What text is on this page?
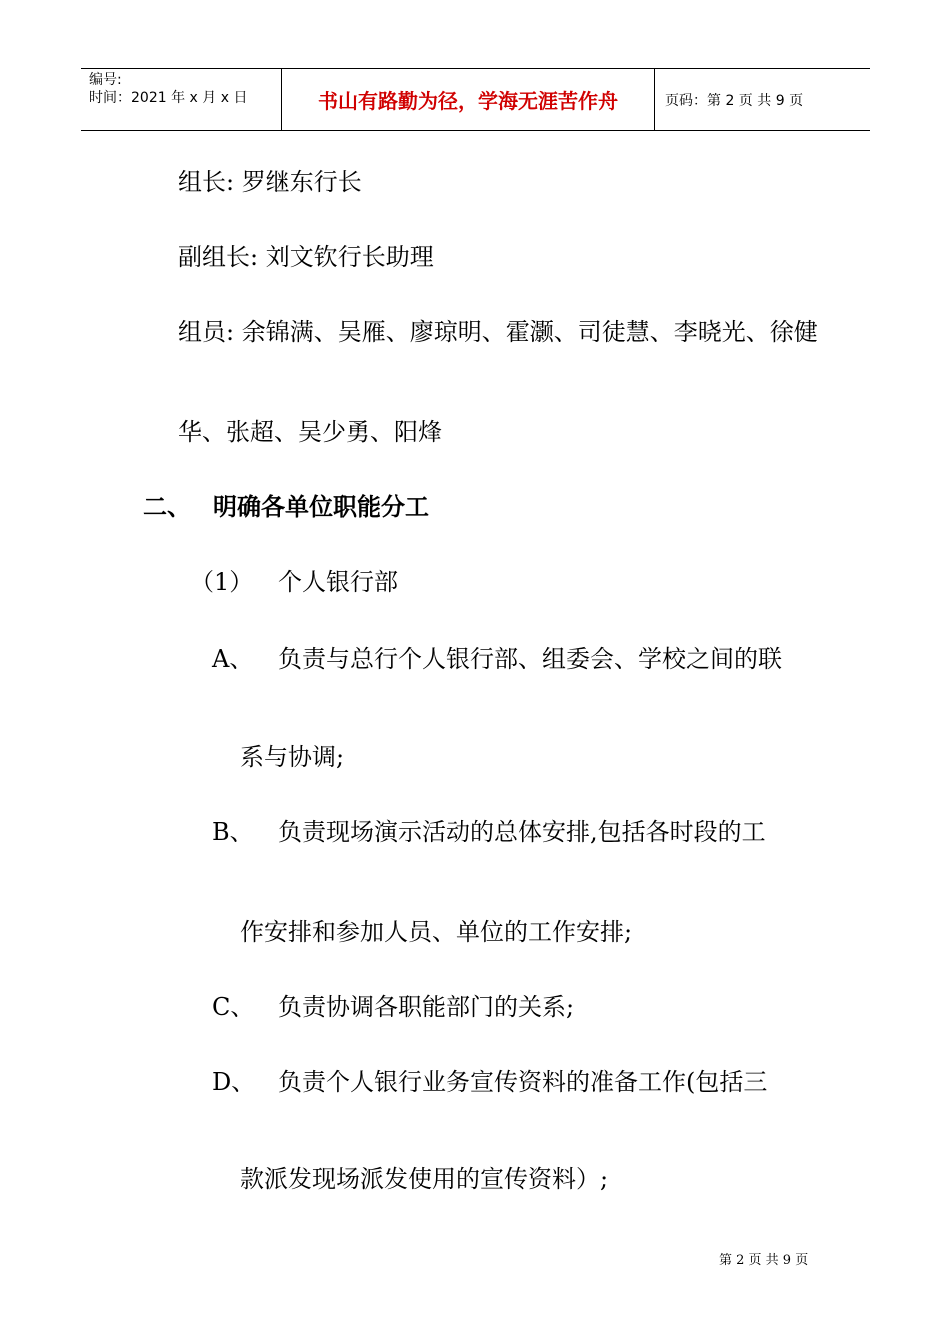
编号:
时间：2021 年 x 月 x 日	书山有路勤为径，学海无涯苦作舟	页码：第 2 页 共 9 页
组长: 罗继东行长
副组长: 刘文钦行长助理
组员: 余锦满、吴雁、廖琼明、霍灏、司徒慧、李晓光、徐健
华、张超、吴少勇、阳烽
二、 明确各单位职能分工
（1） 个人银行部
A、 负责与总行个人银行部、组委会、学校之间的联
系与协调;
B、 负责现场演示活动的总体安排,包括各时段的工
作安排和参加人员、单位的工作安排;
C、 负责协调各职能部门的关系;
D、 负责个人银行业务宣传资料的准备工作(包括三
款派发现场派发使用的宣传资料）;
第 2 页 共 9 页
